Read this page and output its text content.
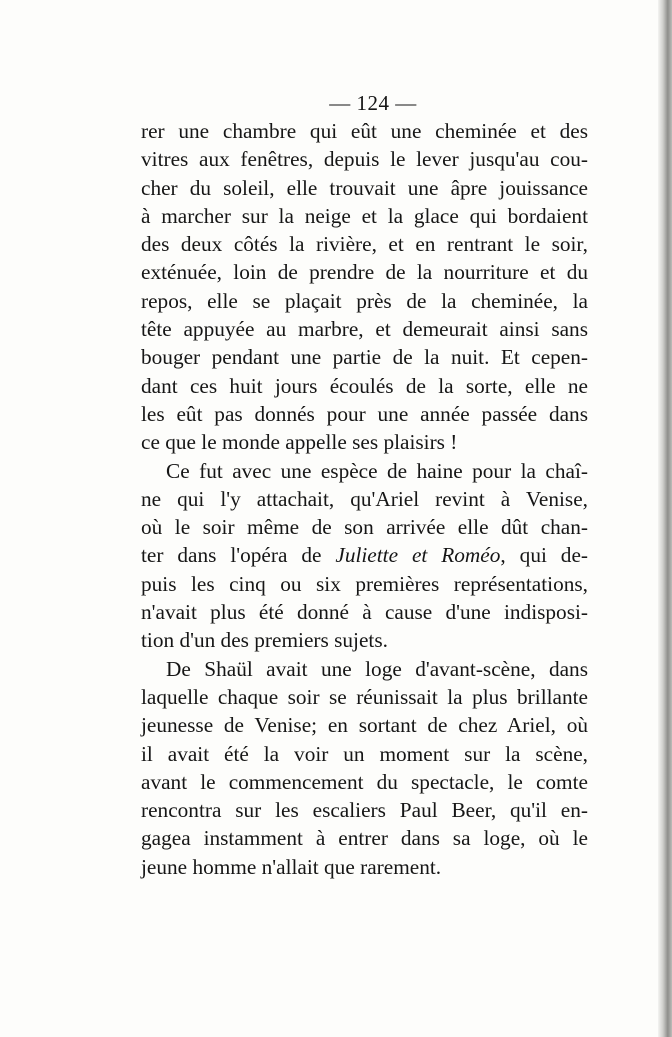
— 124 —
rer une chambre qui eût une cheminée et des
vitres aux fenêtres, depuis le lever jusqu'au cou-
cher du soleil, elle trouvait une âpre jouissance
à marcher sur la neige et la glace qui bordaient
des deux côtés la rivière, et en rentrant le soir,
exténuée, loin de prendre de la nourriture et du
repos, elle se plaçait près de la cheminée, la
tête appuyée au marbre, et demeurait ainsi sans
bouger pendant une partie de la nuit. Et cepen-
dant ces huit jours écoulés de la sorte, elle ne
les eût pas donnés pour une année passée dans
ce que le monde appelle ses plaisirs !
Ce fut avec une espèce de haine pour la chaî-
ne qui l'y attachait, qu'Ariel revint à Venise,
où le soir même de son arrivée elle dût chan-
ter dans l'opéra de Juliette et Roméo, qui de-
puis les cinq ou six premières représentations,
n'avait plus été donné à cause d'une indisposi-
tion d'un des premiers sujets.
De Shaül avait une loge d'avant-scène, dans
laquelle chaque soir se réunissait la plus brillante
jeunesse de Venise; en sortant de chez Ariel, où
il avait été la voir un moment sur la scène,
avant le commencement du spectacle, le comte
rencontra sur les escaliers Paul Beer, qu'il en-
gagea instamment à entrer dans sa loge, où le
jeune homme n'allait que rarement.
